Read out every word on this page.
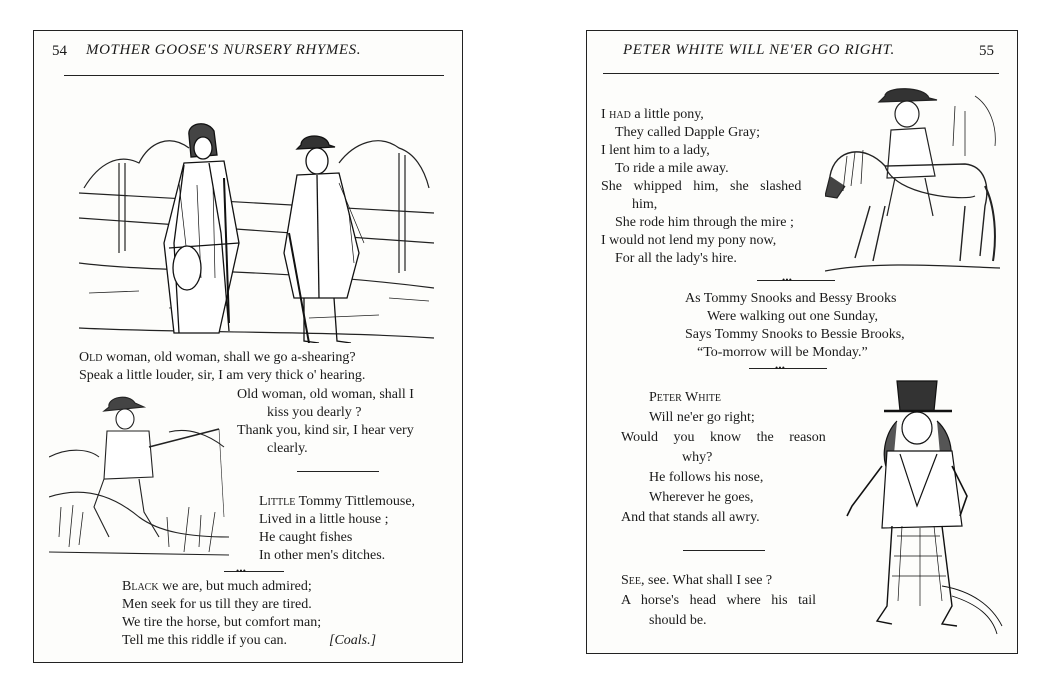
54 MOTHER GOOSE'S NURSERY RHYMES.
Old woman, old woman, shall we go a-shearing?
Speak a little louder, sir, I am very thick o' hearing.
Old woman, old woman, shall I
kiss you dearly ?
Thank you, kind sir, I hear very
clearly.
Little Tommy Tittlemouse,
Lived in a little house ;
He caught fishes
In other men's ditches.
• • •
Black we are, but much admired;
Men seek for us till they are tired.
We tire the horse, but comfort man;
Tell me this riddle if you can.	[Coals.]
PETER WHITE WILL NE'ER GO RIGHT.	55
I had a little pony,
They called Dapple Gray;
I lent him to a lady,
To ride a mile away.
She whipped him, she slashed
him,
She rode him through the mire ;
I would not lend my pony now,
For all the lady's hire.
• • •
As Tommy Snooks and Bessy Brooks
Were walking out one Sunday,
Says Tommy Snooks to Bessie Brooks,
“To-morrow will be Monday.”
• • •
Peter White
Will ne'er go right;
Would you know the reason
why?
He follows his nose,
Wherever he goes,
And that stands all awry.
See, see. What shall I see ?
A horse's head where his tail
should be.
